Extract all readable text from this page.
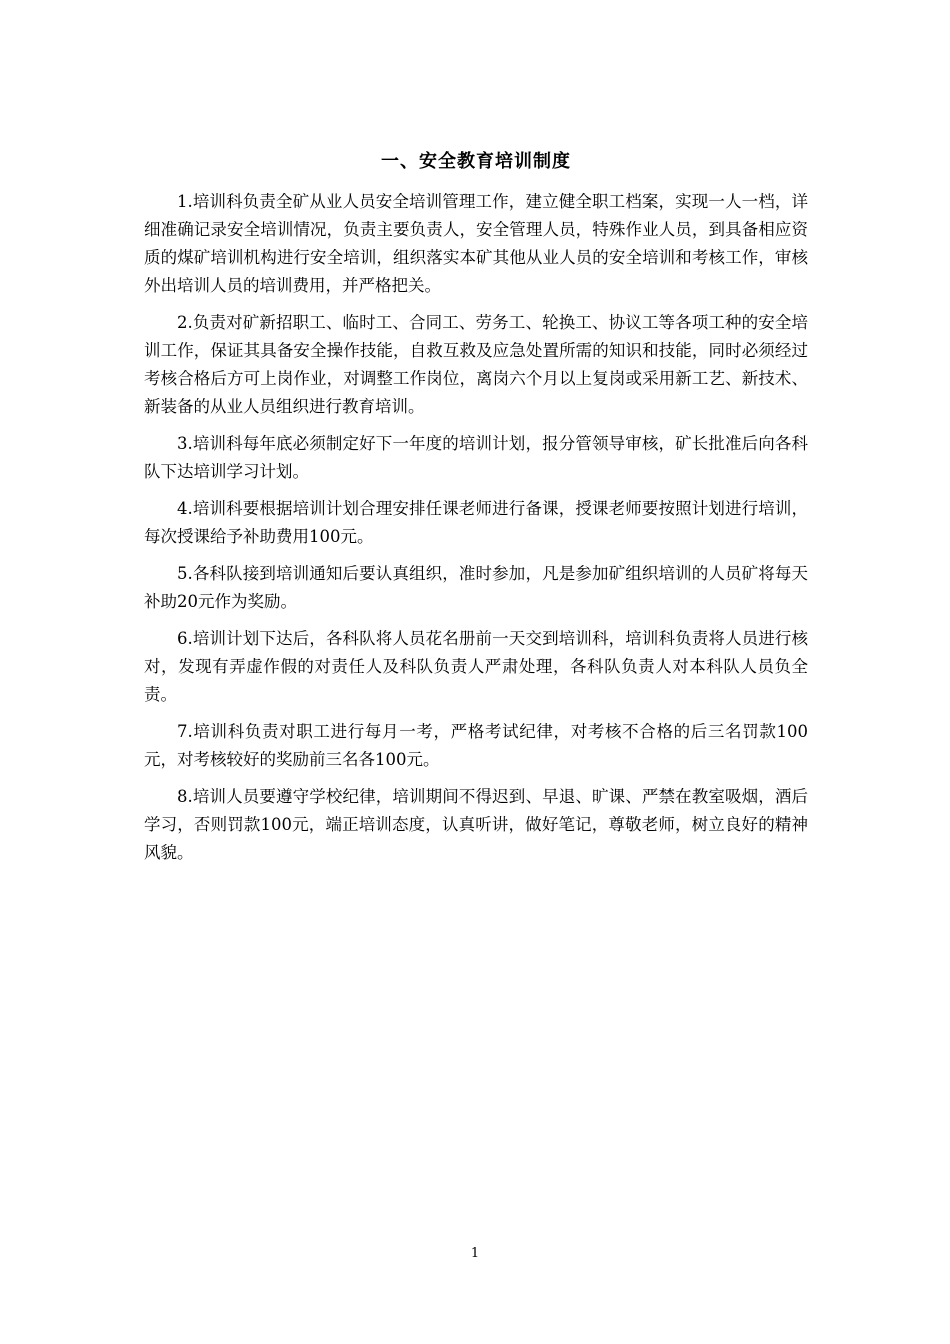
一、安全教育培训制度

1.培训科负责全矿从业人员安全培训管理工作，建立健全职工档案，实现一人一档，详细准确记录安全培训情况，负责主要负责人，安全管理人员，特殊作业人员，到具备相应资质的煤矿培训机构进行安全培训，组织落实本矿其他从业人员的安全培训和考核工作，审核外出培训人员的培训费用，并严格把关。

2.负责对矿新招职工、临时工、合同工、劳务工、轮换工、协议工等各项工种的安全培训工作，保证其具备安全操作技能，自救互救及应急处置所需的知识和技能，同时必须经过考核合格后方可上岗作业，对调整工作岗位，离岗六个月以上复岗或采用新工艺、新技术、新装备的从业人员组织进行教育培训。

3.培训科每年底必须制定好下一年度的培训计划，报分管领导审核，矿长批准后向各科队下达培训学习计划。

4.培训科要根据培训计划合理安排任课老师进行备课，授课老师要按照计划进行培训，每次授课给予补助费用100元。

5.各科队接到培训通知后要认真组织，准时参加，凡是参加矿组织培训的人员矿将每天补助20元作为奖励。

6.培训计划下达后，各科队将人员花名册前一天交到培训科，培训科负责将人员进行核对，发现有弄虚作假的对责任人及科队负责人严肃处理，各科队负责人对本科队人员负全责。

7.培训科负责对职工进行每月一考，严格考试纪律，对考核不合格的后三名罚款100元，对考核较好的奖励前三名各100元。

8.培训人员要遵守学校纪律，培训期间不得迟到、早退、旷课、严禁在教室吸烟，酒后学习，否则罚款100元，端正培训态度，认真听讲，做好笔记，尊敬老师，树立良好的精神风貌。

1
